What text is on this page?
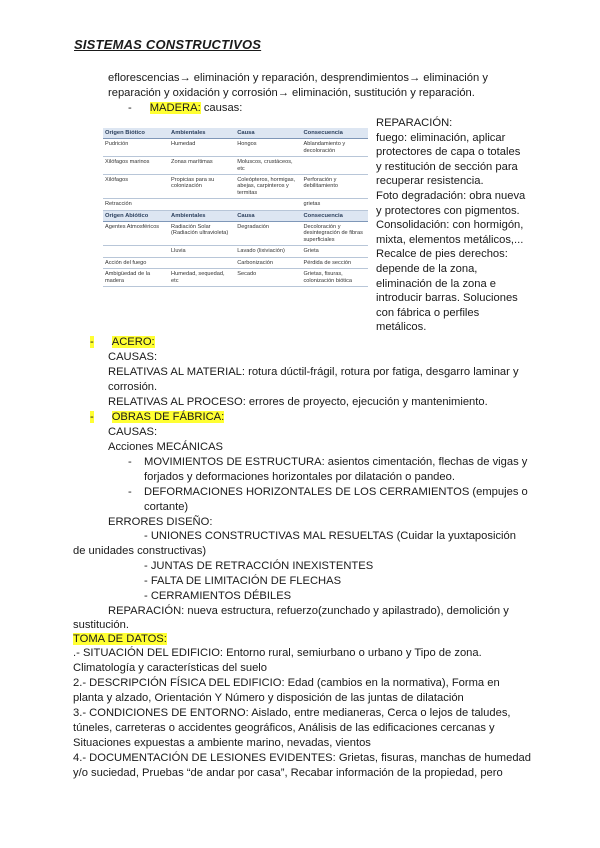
SISTEMAS CONSTRUCTIVOS
eflorescencias→ eliminación y reparación, desprendimientos→ eliminación y
reparación y oxidación y corrosión→ eliminación, sustitución y reparación.
- MADERA: causas:
Origen Biótico	Ambientales	Causa	Consecuencia
Pudrición	Humedad	Hongos	Ablandamiento y decoloración
Xilófagos marinos	Zonas marítimas	Moluscos, crustáceos, etc	
Xilófagos	Propicias para su colonización	Coleópteros, hormigas, abejas, carpinteros y termitas	Perforación y debilitamiento
Retracción			grietas
Origen Abiótico	Ambientales	Causa	Consecuencia
Agentes Atmosféricos	Radiación Solar (Radiación ultravioleta)	Degradación	Decoloración y desintegración de fibras superficiales
	Lluvia	Lavado (lixiviación)	Grieta
Acción del fuego		Carbonización	Pérdida de sección
Ambigüedad de la madera	Humedad, sequedad, etc	Secado	Grietas, fisuras, colonización biótica
REPARACIÓN:
fuego: eliminación, aplicar
protectores de capa o totales
y restitución de sección para
recuperar resistencia.
Foto degradación: obra nueva
y protectores con pigmentos.
Consolidación: con hormigón,
mixta, elementos metálicos,...
Recalce de pies derechos:
depende de la zona,
eliminación de la zona e
introducir barras. Soluciones
con fábrica o perfiles
metálicos.
- ACERO:
CAUSAS:
RELATIVAS AL MATERIAL: rotura dúctil-frágil, rotura por fatiga, desgarro laminar y
corrosión.
RELATIVAS AL PROCESO: errores de proyecto, ejecución y mantenimiento.
- OBRAS DE FÁBRICA:
CAUSAS:
Acciones MECÁNICAS
- MOVIMIENTOS DE ESTRUCTURA: asientos cimentación, flechas de vigas y
forjados y deformaciones horizontales por dilatación o pandeo.
- DEFORMACIONES HORIZONTALES DE LOS CERRAMIENTOS (empujes o
cortante)
ERRORES DISEÑO:
- UNIONES CONSTRUCTIVAS MAL RESUELTAS (Cuidar la yuxtaposición
de unidades constructivas)
- JUNTAS DE RETRACCIÓN INEXISTENTES
- FALTA DE LIMITACIÓN DE FLECHAS
- CERRAMIENTOS DÉBILES
REPARACIÓN: nueva estructura, refuerzo(zunchado y apilastrado), demolición y
sustitución.
TOMA DE DATOS:
.- SITUACIÓN DEL EDIFICIO: Entorno rural, semiurbano o urbano y Tipo de zona.
Climatología y características del suelo
2.- DESCRIPCIÓN FÍSICA DEL EDIFICIO: Edad (cambios en la normativa), Forma en
planta y alzado, Orientación Y Número y disposición de las juntas de dilatación
3.- CONDICIONES DE ENTORNO: Aislado, entre medianeras, Cerca o lejos de taludes,
túneles, carreteras o accidentes geográficos, Análisis de las edificaciones cercanas y
Situaciones expuestas a ambiente marino, nevadas, vientos
4.- DOCUMENTACIÓN DE LESIONES EVIDENTES: Grietas, fisuras, manchas de humedad
y/o suciedad, Pruebas “de andar por casa”, Recabar información de la propiedad, pero
